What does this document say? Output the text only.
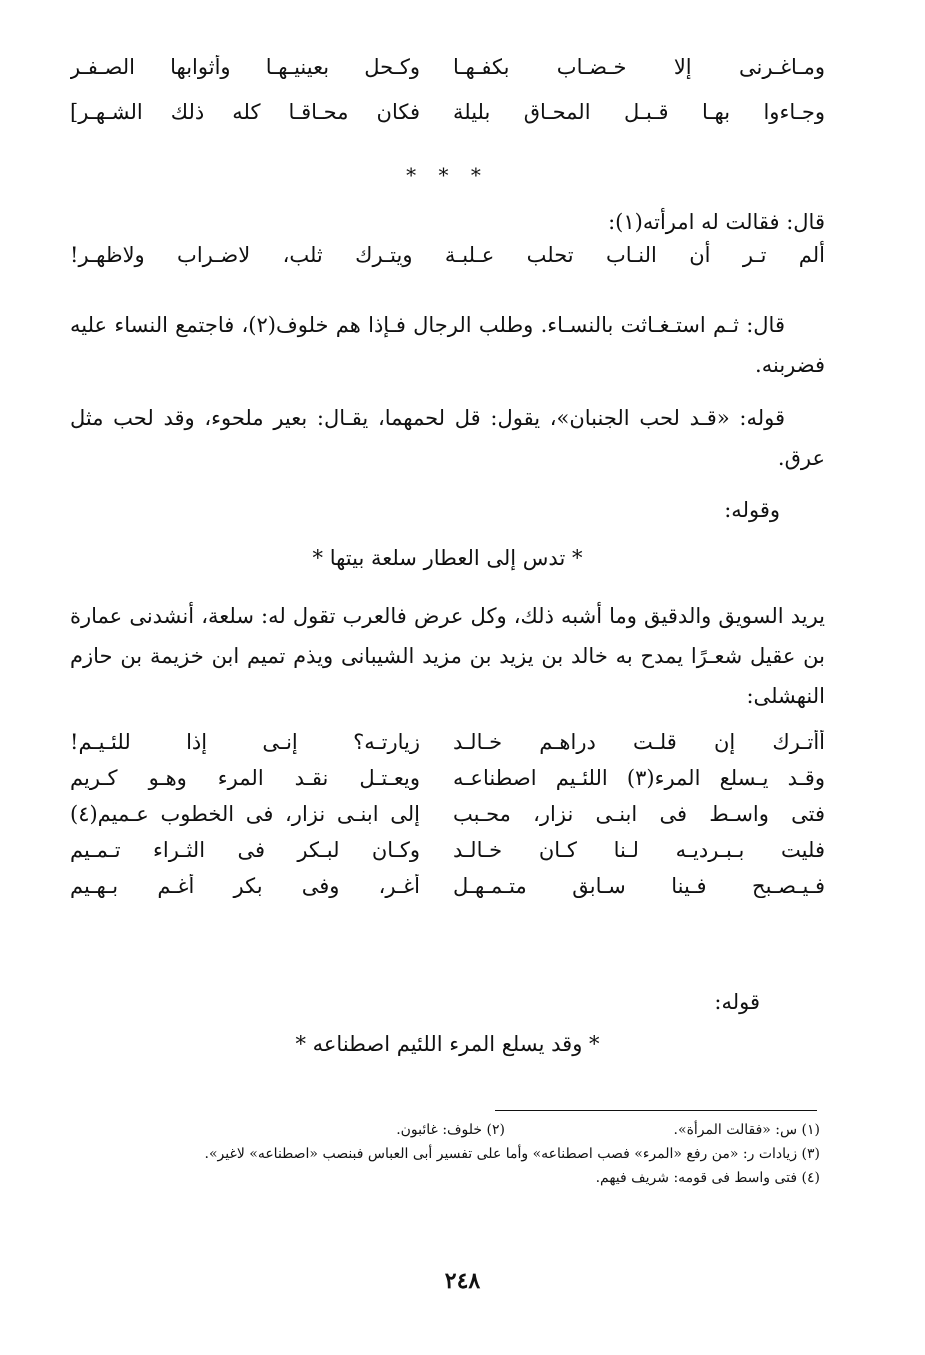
ومـاغـرنى إلا خـضـاب بكفـهـا
وكـحل بعينيـهـا وأثوابها الصـفـر
وجـاءوا بهـا قـبـل المحـاق بليلة
فكان محـاقـا كله ذلك الشـهـر]
* * *
قال: فقالت له امرأته(١):
ألم تـر أن النـاب تحلب عـلبـة ويتـرك ثلب، لاضـراب ولاظهـر!
قال: ثـم استـغـاثت بالنسـاء. وطلب الرجال فـإذا هم خلوف(٢)، فاجتمع النساء عليه فضربنه.
قوله: «قـد لحب الجنبان»، يقول: قل لحمهما، يقـال: بعير ملحوء، وقد لحب مثل عرق.
وقوله:
* تدس إلى العطار سلعة بيتها *
يريد السويق والدقيق وما أشبه ذلك، وكل عرض فالعرب تقول له: سلعة، أنشدنى عمارة بن عقيل شعـرًا يمدح به خالد بن يزيد بن مزيد الشيبانى ويذم تميم ابن خزيمة بن حازم النهشلى:
أأتـرك إن قلـت دراهـم خـالـد
زيارتـه؟ إنـى إذا للئـيـم!
وقـد يـسلع المرء(٣) اللئـيم اصطناعـه
ويعـتـل نقـد المرء وهـو كـريم
فتى واسـط فى ابنـى نزار، محـبب
إلى ابنـى نزار، فى الخطوب عـميم(٤)
فليت بـبـرديـه لـنا كـان خـالـد
وكـان لبـكر فى الثـراء تـمـيم
فـيـصـبح فـينا سـابق متـمـهـل
أغـر، وفى بكر أغـم بـهـيم
قوله:
* وقد يسلع المرء اللئيم اصطناعه *
(١) س: «فقالت المرأة».
(٢) خلوف: غائبون.
(٣) زيادات ر: «من رفع «المرء» فصب اصطناعه» وأما على تفسير أبى العباس فبنصب «اصطناعه» لاغير».
(٤) فتى واسط فى قومه: شريف فيهم.
٢٤٨
